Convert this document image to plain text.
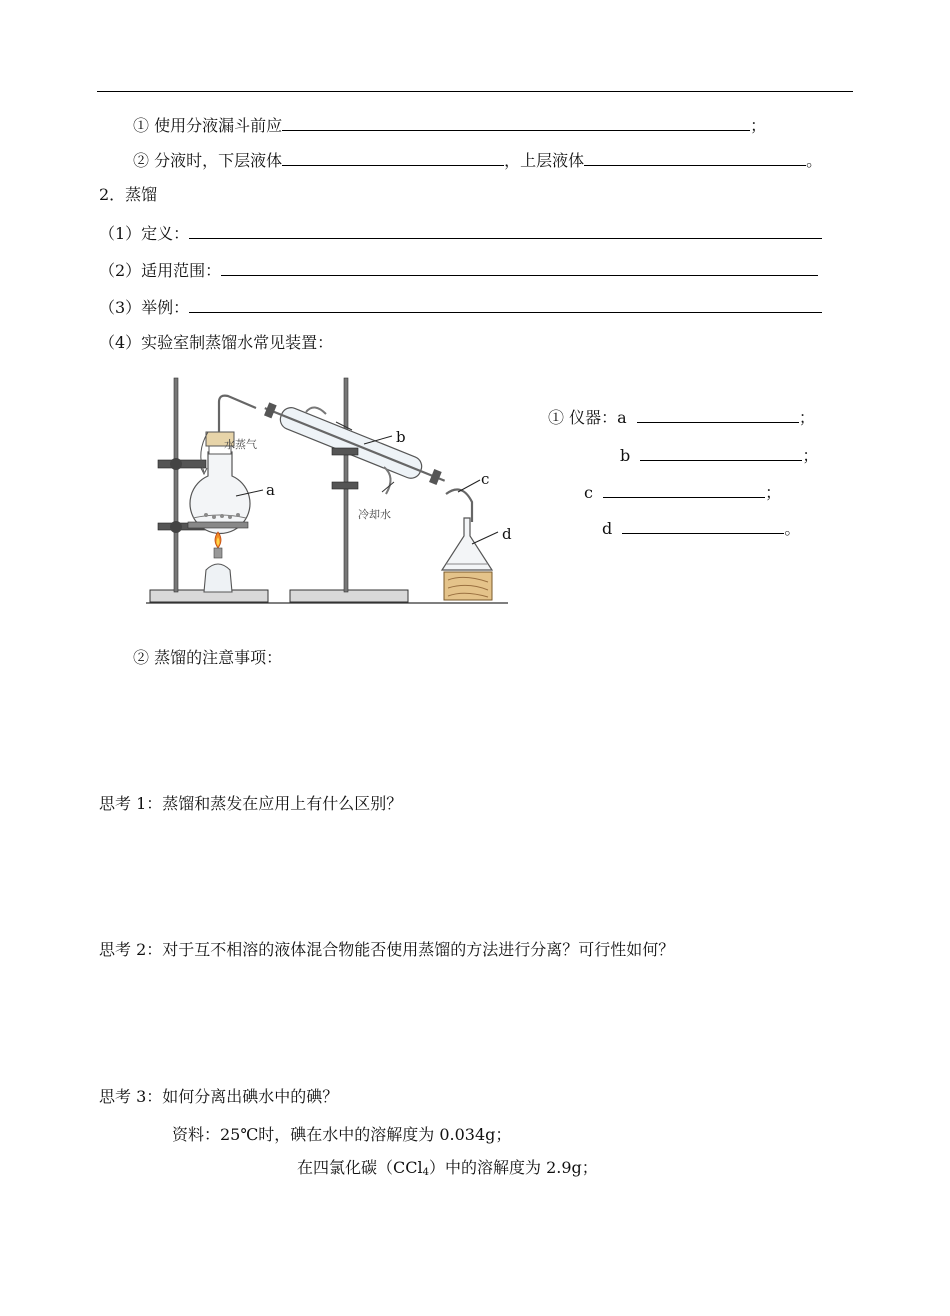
① 使用分液漏斗前应	；
② 分液时，下层液体	，上层液体	。
2．蒸馏
（1）定义：
（2）适用范围：
（3）举例：
（4）实验室制蒸馏水常见装置：
水蒸气
冷却水
a
b
c
d
① 仪器：a	；
b	；
c	；
d	。
② 蒸馏的注意事项：
思考 1：蒸馏和蒸发在应用上有什么区别？
思考 2：对于互不相溶的液体混合物能否使用蒸馏的方法进行分离？可行性如何？
思考 3：如何分离出碘水中的碘？
资料：25℃时，碘在水中的溶解度为 0.034g；
在四氯化碳（CCl$_4$）中的溶解度为 2.9g；
